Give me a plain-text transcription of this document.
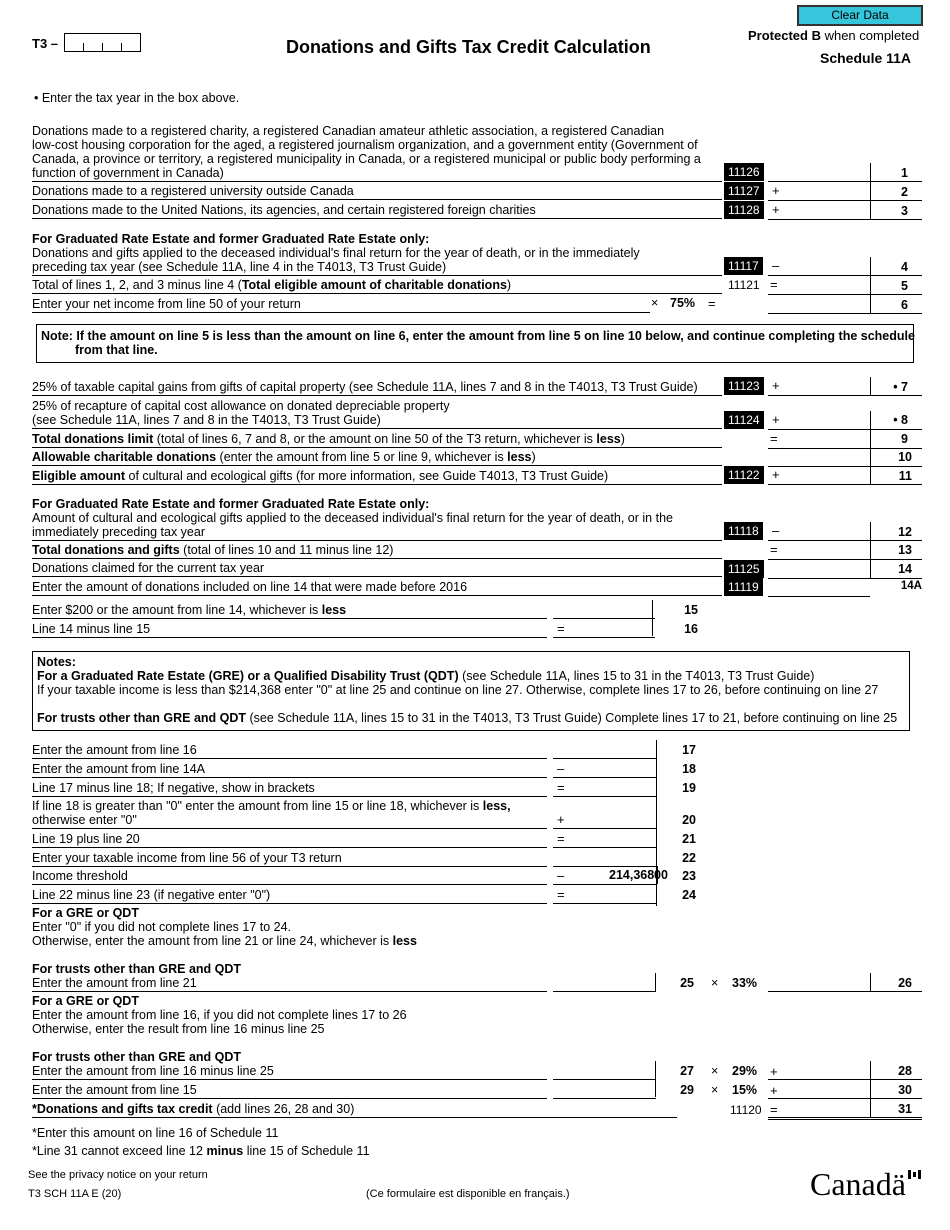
T3 –	Donations and Gifts Tax Credit Calculation
Clear Data
Protected B when completed
Schedule 11A
• Enter the tax year in the box above.
Donations made to a registered charity, a registered Canadian amateur athletic association, a registered Canadian
low-cost housing corporation for the aged, a registered journalism organization, and a government entity (Government of
Canada, a province or territory, a registered municipality in Canada, or a registered municipal or public body performing a
function of government in Canada)	11126	1
Donations made to a registered university outside Canada	11127 +	2
Donations made to the United Nations, its agencies, and certain registered foreign charities	11128 +	3
For Graduated Rate Estate and former Graduated Rate Estate only:
Donations and gifts applied to the deceased individual's final return for the year of death, or in the immediately
preceding tax year (see Schedule 11A, line 4 in the T4013, T3 Trust Guide)	11117	–	4
Total of lines 1, 2, and 3 minus line 4 (Total eligible amount of charitable donations)	11121 =	5
Enter your net income from line 50 of your return	× 75% =	6
Note: If the amount on line 5 is less than the amount on line 6, enter the amount from line 5 on line 10 below, and continue completing the schedule
from that line.
25% of taxable capital gains from gifts of capital property (see Schedule 11A, lines 7 and 8 in the T4013, T3 Trust Guide)	11123 +	• 7
25% of recapture of capital cost allowance on donated depreciable property
(see Schedule 11A, lines 7 and 8 in the T4013, T3 Trust Guide)	11124 +	• 8
Total donations limit (total of lines 6, 7 and 8, or the amount on line 50 of the T3 return, whichever is less)	=	9
Allowable charitable donations (enter the amount from line 5 or line 9, whichever is less)	10
Eligible amount of cultural and ecological gifts (for more information, see Guide T4013, T3 Trust Guide)	11122 +	11
For Graduated Rate Estate and former Graduated Rate Estate only:
Amount of cultural and ecological gifts applied to the deceased individual's final return for the year of death, or in the
immediately preceding tax year	11118	–	12
Total donations and gifts (total of lines 10 and 11 minus line 12)	=	13
Donations claimed for the current tax year	11125	14
Enter the amount of donations included on line 14 that were made before 2016	11119	14A
Enter $200 or the amount from line 14, whichever is less	15
Line 14 minus line 15	=	16
Notes:
For a Graduated Rate Estate (GRE) or a Qualified Disability Trust (QDT) (see Schedule 11A, lines 15 to 31 in the T4013, T3 Trust Guide)
If your taxable income is less than $214,368 enter "0" at line 25 and continue on line 27. Otherwise, complete lines 17 to 26, before continuing on line 27
For trusts other than GRE and QDT (see Schedule 11A, lines 15 to 31 in the T4013, T3 Trust Guide) Complete lines 17 to 21, before continuing on line 25
Enter the amount from line 16	17
Enter the amount from line 14A	–	18
Line 17 minus line 18; If negative, show in brackets	=	19
If line 18 is greater than "0" enter the amount from line 15 or line 18, whichever is less,
otherwise enter "0"	+	20
Line 19 plus line 20	=	21
Enter your taxable income from line 56 of your T3 return	22
Income threshold	–	214,368 00	23
Line 22 minus line 23 (if negative enter "0")	=	24
For a GRE or QDT
Enter "0" if you did not complete lines 17 to 24.
Otherwise, enter the amount from line 21 or line 24, whichever is less
For trusts other than GRE and QDT
Enter the amount from line 21	25 × 33%	26
For a GRE or QDT
Enter the amount from line 16, if you did not complete lines 17 to 26
Otherwise, enter the result from line 16 minus line 25
For trusts other than GRE and QDT
Enter the amount from line 16 minus line 25	27 × 29% +	28
Enter the amount from line 15	29 × 15% +	30
*Donations and gifts tax credit (add lines 26, 28 and 30)	11120 =	31
*Enter this amount on line 16 of Schedule 11
*Line 31 cannot exceed line 12 minus line 15 of Schedule 11
See the privacy notice on your return
T3 SCH 11A E (20)	(Ce formulaire est disponible en français.)	Canadä
